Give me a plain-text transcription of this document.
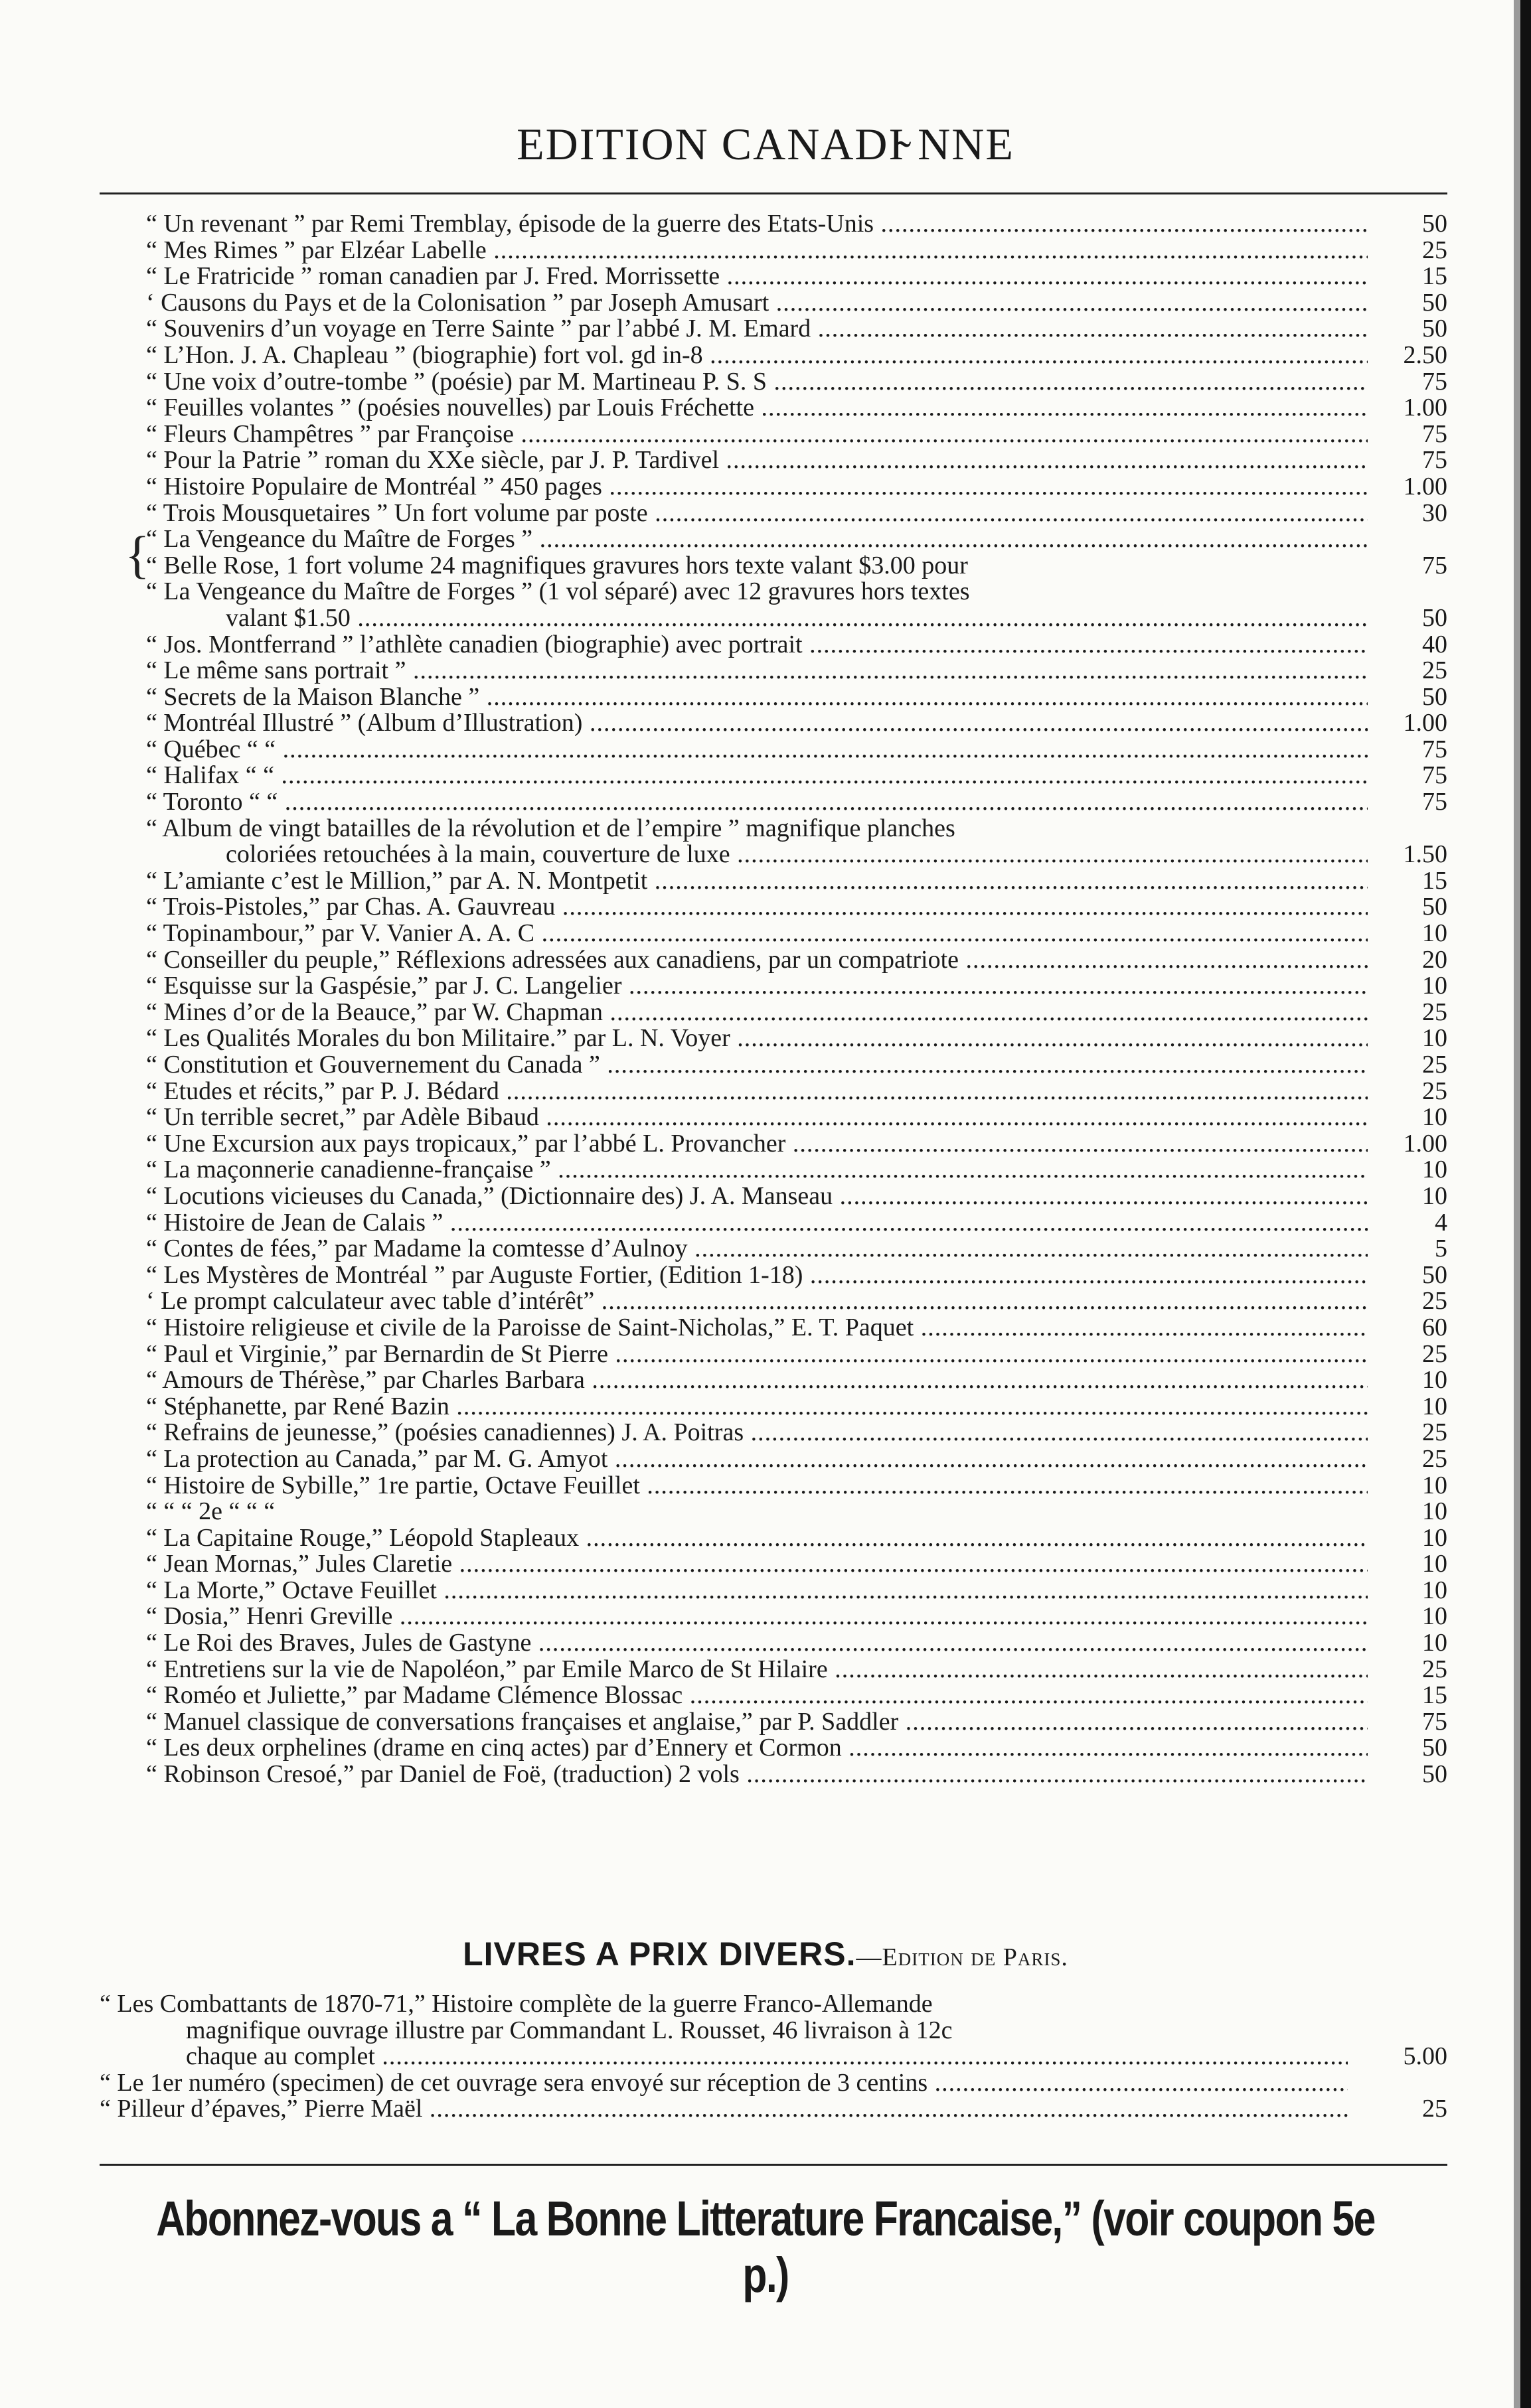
EDITION CANADI̴ NNE
{
“ Un revenant ” par Remi Tremblay, épisode de la guerre des Etats-Unis .....	50
“ Mes Rimes ” par Elzéar Labelle .....	25
“ Le Fratricide ” roman canadien par J. Fred. Morrissette .....	15
‘ Causons du Pays et de la Colonisation ” par Joseph Amusart .....	50
“ Souvenirs d’un voyage en Terre Sainte ” par l’abbé J. M. Emard .....	50
“ L’Hon. J. A. Chapleau ” (biographie) fort vol. gd in-8 .....	2.50
“ Une voix d’outre-tombe ” (poésie) par M. Martineau P. S. S .....	75
“ Feuilles volantes ” (poésies nouvelles) par Louis Fréchette .....	1.00
“ Fleurs Champêtres ” par Françoise .....	75
“ Pour la Patrie ” roman du XXe siècle, par J. P. Tardivel .....	75
“ Histoire Populaire de Montréal ” 450 pages .....	1.00
“ Trois Mousquetaires ” Un fort volume par poste .....	30
“ La Vengeance du Maître de Forges ” .....
“ Belle Rose, 1 fort volume 24 magnifiques gravures hors texte valant $3.00 pour	75
“ La Vengeance du Maître de Forges ” (1 vol séparé) avec 12 gravures hors textes
valant $1.50 .....	50
“ Jos. Montferrand ” l’athlète canadien (biographie) avec portrait .....	40
“ Le même sans portrait ” .....	25
“ Secrets de la Maison Blanche ” .....	50
“ Montréal Illustré ” (Album d’Illustration) .....	1.00
“ Québec “ “ .....	75
“ Halifax “ “ .....	75
“ Toronto “ “ .....	75
“ Album de vingt batailles de la révolution et de l’empire ” magnifique planches
coloriées retouchées à la main, couverture de luxe .....	1.50
“ L’amiante c’est le Million,” par A. N. Montpetit .....	15
“ Trois-Pistoles,” par Chas. A. Gauvreau .....	50
“ Topinambour,” par V. Vanier A. A. C .....	10
“ Conseiller du peuple,” Réflexions adressées aux canadiens, par un compatriote .....	20
“ Esquisse sur la Gaspésie,” par J. C. Langelier .....	10
“ Mines d’or de la Beauce,” par W. Chapman .....	25
“ Les Qualités Morales du bon Militaire.” par L. N. Voyer .....	10
“ Constitution et Gouvernement du Canada ” .....	25
“ Etudes et récits,” par P. J. Bédard .....	25
“ Un terrible secret,” par Adèle Bibaud .....	10
“ Une Excursion aux pays tropicaux,” par l’abbé L. Provancher .....	1.00
“ La maçonnerie canadienne-française ” .....	10
“ Locutions vicieuses du Canada,” (Dictionnaire des) J. A. Manseau .....	10
“ Histoire de Jean de Calais ” .....	4
“ Contes de fées,” par Madame la comtesse d’Aulnoy .....	5
“ Les Mystères de Montréal ” par Auguste Fortier, (Edition 1-18) .....	50
‘ Le prompt calculateur avec table d’intérêt” .....	25
“ Histoire religieuse et civile de la Paroisse de Saint-Nicholas,” E. T. Paquet .....	60
“ Paul et Virginie,” par Bernardin de St Pierre .....	25
“ Amours de Thérèse,” par Charles Barbara .....	10
“ Stéphanette, par René Bazin .....	10
“ Refrains de jeunesse,” (poésies canadiennes) J. A. Poitras .....	25
“ La protection au Canada,” par M. G. Amyot .....	25
“ Histoire de Sybille,” 1re partie, Octave Feuillet .....	10
“ “ “ 2e “ “ “	10
“ La Capitaine Rouge,” Léopold Stapleaux .....	10
“ Jean Mornas,” Jules Claretie .....	10
“ La Morte,” Octave Feuillet .....	10
“ Dosia,” Henri Greville .....	10
“ Le Roi des Braves, Jules de Gastyne .....	10
“ Entretiens sur la vie de Napoléon,” par Emile Marco de St Hilaire .....	25
“ Roméo et Juliette,” par Madame Clémence Blossac .....	15
“ Manuel classique de conversations françaises et anglaise,” par P. Saddler .....	75
“ Les deux orphelines (drame en cinq actes) par d’Ennery et Cormon .....	50
“ Robinson Cresoé,” par Daniel de Foë, (traduction) 2 vols .....	50
LIVRES A PRIX DIVERS.—Edition de Paris.
“ Les Combattants de 1870-71,” Histoire complète de la guerre Franco-Allemande
magnifique ouvrage illustre par Commandant L. Rousset, 46 livraison à 12c
chaque au complet .....	5.00
“ Le 1er numéro (specimen) de cet ouvrage sera envoyé sur réception de 3 centins .....
“ Pilleur d’épaves,” Pierre Maël .....	25
Abonnez-vous a “ La Bonne Litterature Francaise,” (voir coupon 5e p.)
